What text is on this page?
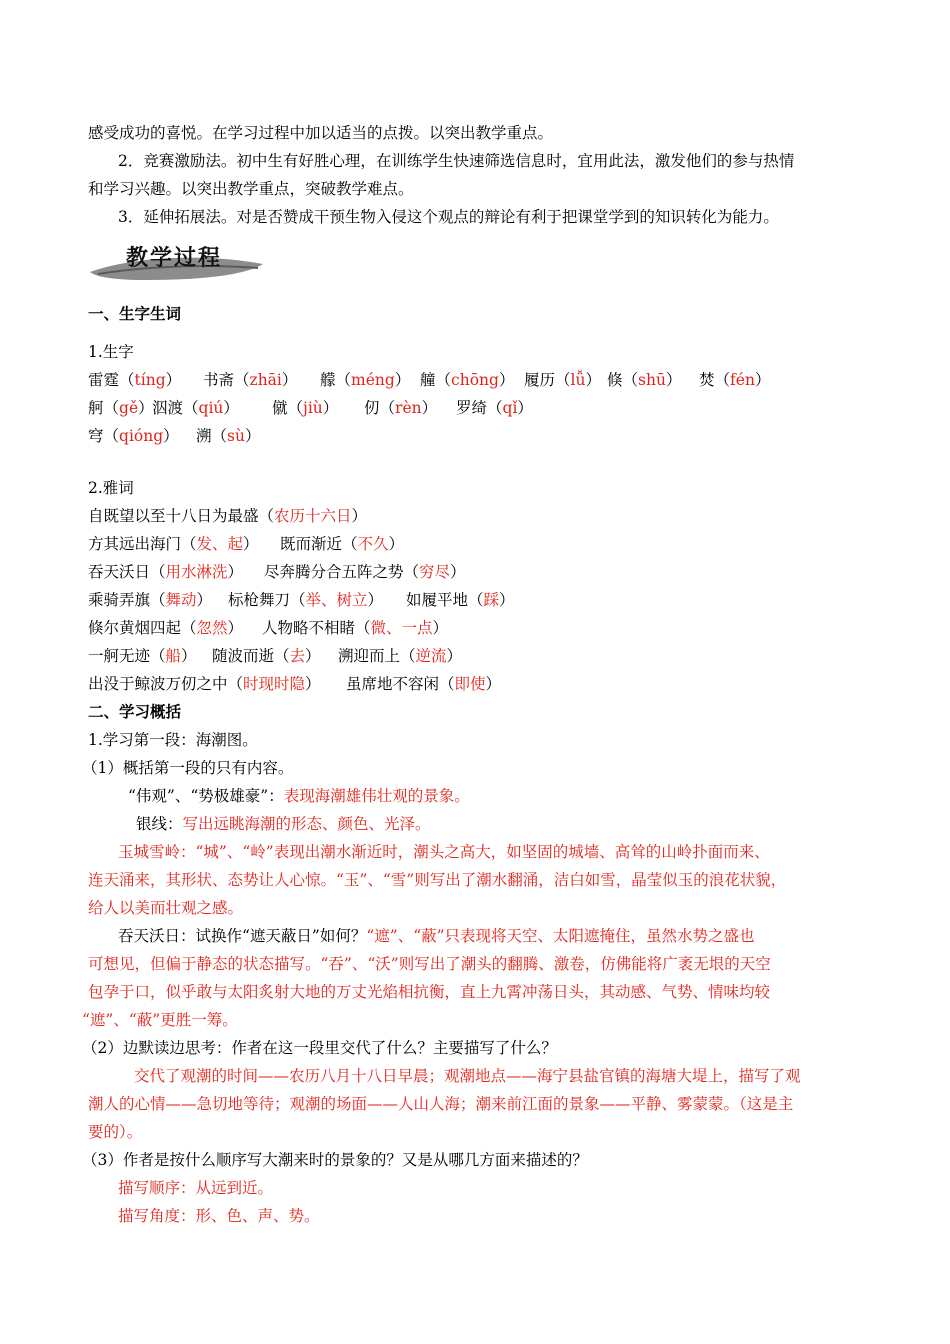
感受成功的喜悦。在学习过程中加以适当的点拨。以突出教学重点。
2．竞赛激励法。初中生有好胜心理，在训练学生快速筛选信息时，宜用此法，激发他们的参与热情
和学习兴趣。以突出教学重点，突破教学难点。
3．延伸拓展法。对是否赞成干预生物入侵这个观点的辩论有利于把课堂学到的知识转化为能力。
教学过程
一、生字生词
1.生字
雷霆（tíng） 书斋（zhāi） 艨（méng） 艟（chōng） 履历（lǚ） 倏（shū） 焚（fén）
舸（gě）
泅渡（qiú） 僦（jiù） 仞（rèn） 罗绮（qǐ）
穹（qióng） 溯（sù）
2.雅词
自既望以至十八日为最盛（农历十六日）
方其远出海门（发、起） 既而渐近（不久）
吞天沃日（用水淋洗） 尽奔腾分合五阵之势（穷尽）
乘骑弄旗（舞动） 标枪舞刀（举、树立） 如履平地（踩）
倏尔黄烟四起（忽然） 人物略不相睹（微、一点）
一舸无迹（船） 随波而逝（去） 溯迎而上（逆流）
出没于鲸波万仞之中（时现时隐） 虽席地不容闲（即使）
二、学习概括
1.学习第一段：海潮图。
（1）概括第一段的只有内容。
“伟观”、“势极雄豪”：表现海潮雄伟壮观的景象。
银线：写出远眺海潮的形态、颜色、光泽。
玉城雪岭：“城”、“岭”表现出潮水渐近时，潮头之高大，如坚固的城墙、高耸的山岭扑面而来、
连天涌来，其形状、态势让人心惊。“玉”、“雪”则写出了潮水翻涌，洁白如雪，晶莹似玉的浪花状貌，
给人以美而壮观之感。
吞天沃日：试换作“遮天蔽日”如何？“遮”、“蔽”只表现将天空、太阳遮掩住，虽然水势之盛也
可想见，但偏于静态的状态描写。“吞”、“沃”则写出了潮头的翻腾、激卷，仿佛能将广袤无垠的天空
包孕于口，似乎敢与太阳炙射大地的万丈光焰相抗衡，直上九霄冲荡日头，其动感、气势、情味均较
“遮”、“蔽”更胜一筹。
（2）边默读边思考：作者在这一段里交代了什么？主要描写了什么？
交代了观潮的时间——农历八月十八日早晨；观潮地点——海宁县盐官镇的海塘大堤上，描写了观
潮人的心情——急切地等待；观潮的场面——人山人海；潮来前江面的景象——平静、雾蒙蒙。（这是主
要的）。
（3）作者是按什么顺序写大潮来时的景象的？又是从哪几方面来描述的？
描写顺序：从远到近。
描写角度：形、色、声、势。
